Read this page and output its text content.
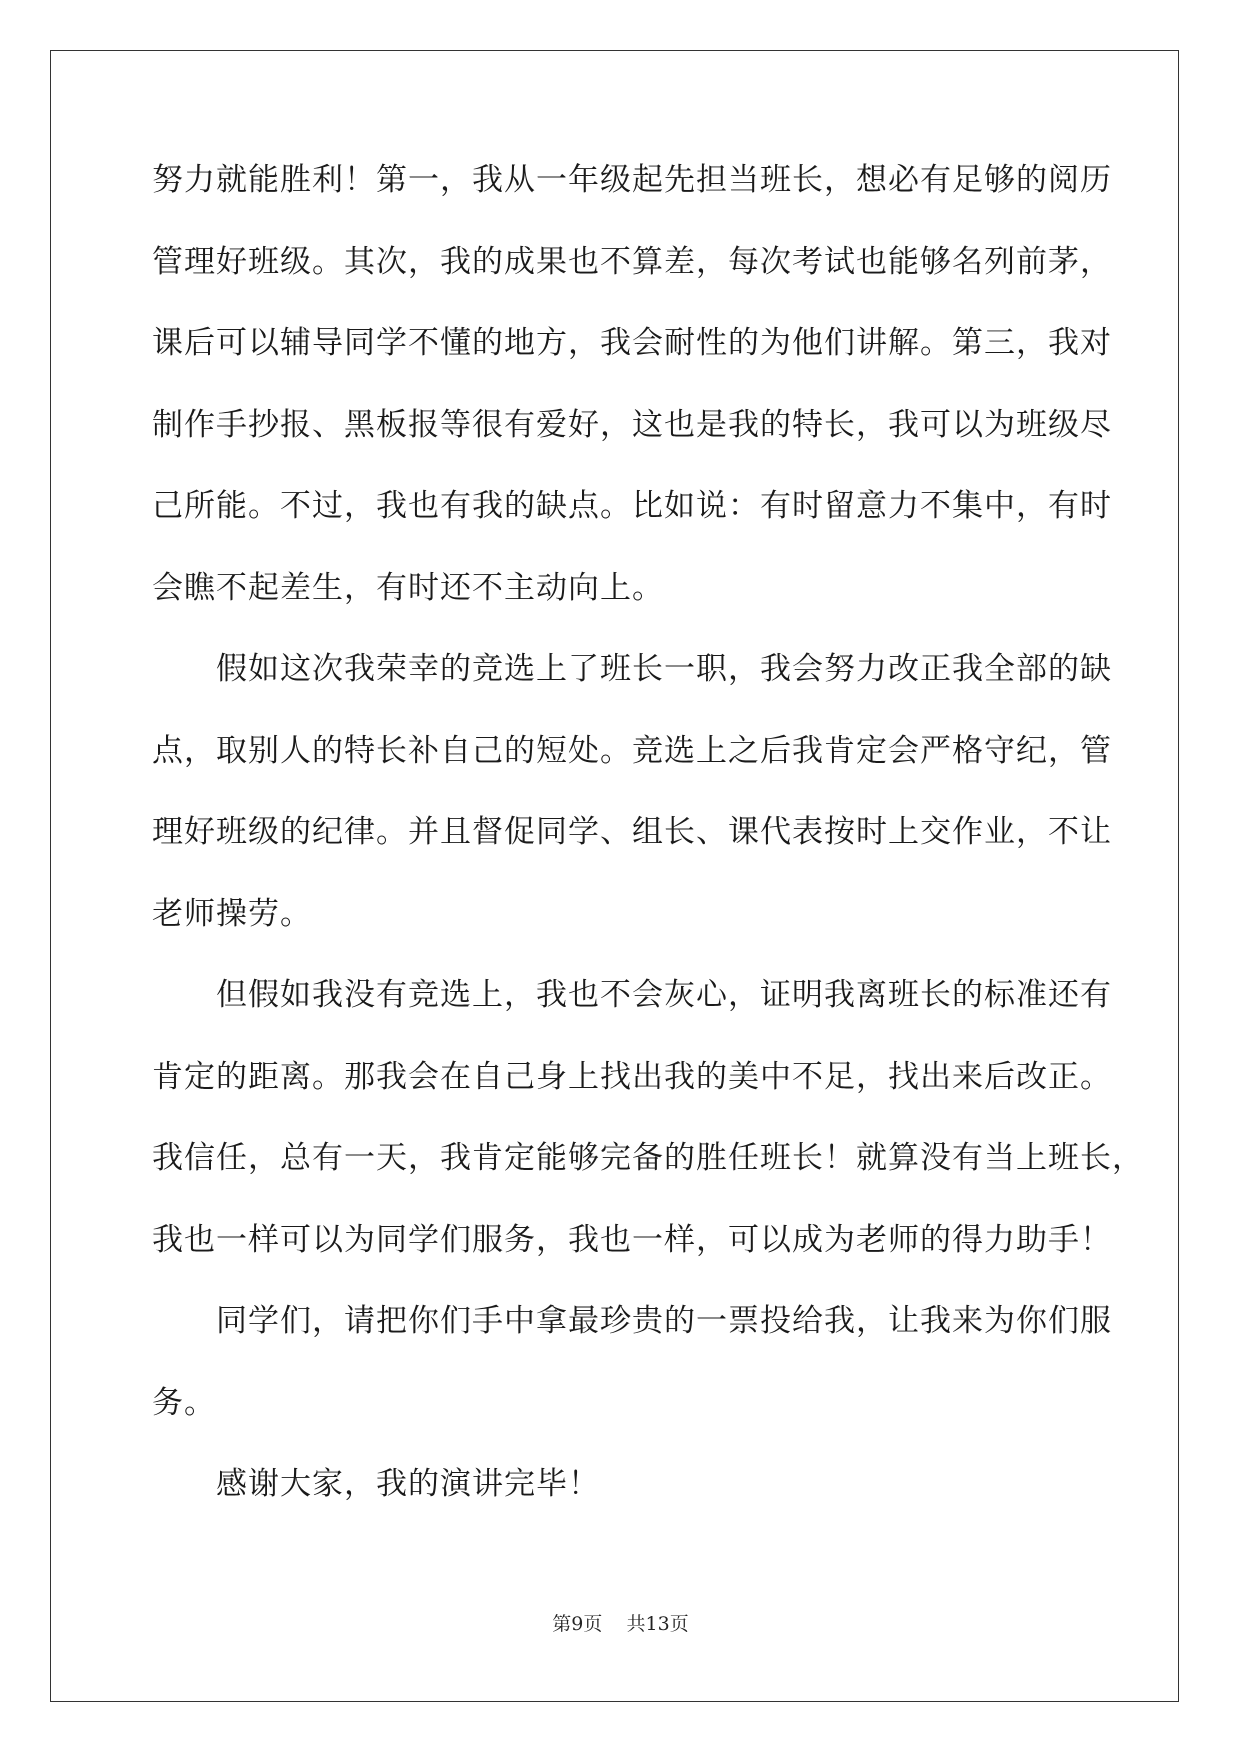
努力就能胜利！第一，我从一年级起先担当班长，想必有足够的阅历
管理好班级。其次，我的成果也不算差，每次考试也能够名列前茅，
课后可以辅导同学不懂的地方，我会耐性的为他们讲解。第三，我对
制作手抄报、黑板报等很有爱好，这也是我的特长，我可以为班级尽
己所能。不过，我也有我的缺点。比如说：有时留意力不集中，有时
会瞧不起差生，有时还不主动向上。
假如这次我荣幸的竞选上了班长一职，我会努力改正我全部的缺
点，取别人的特长补自己的短处。竞选上之后我肯定会严格守纪，管
理好班级的纪律。并且督促同学、组长、课代表按时上交作业，不让
老师操劳。
但假如我没有竞选上，我也不会灰心，证明我离班长的标准还有
肯定的距离。那我会在自己身上找出我的美中不足，找出来后改正。
我信任，总有一天，我肯定能够完备的胜任班长！就算没有当上班长，
我也一样可以为同学们服务，我也一样，可以成为老师的得力助手！
同学们，请把你们手中拿最珍贵的一票投给我，让我来为你们服
务。
感谢大家，我的演讲完毕！
第9页 共13页
